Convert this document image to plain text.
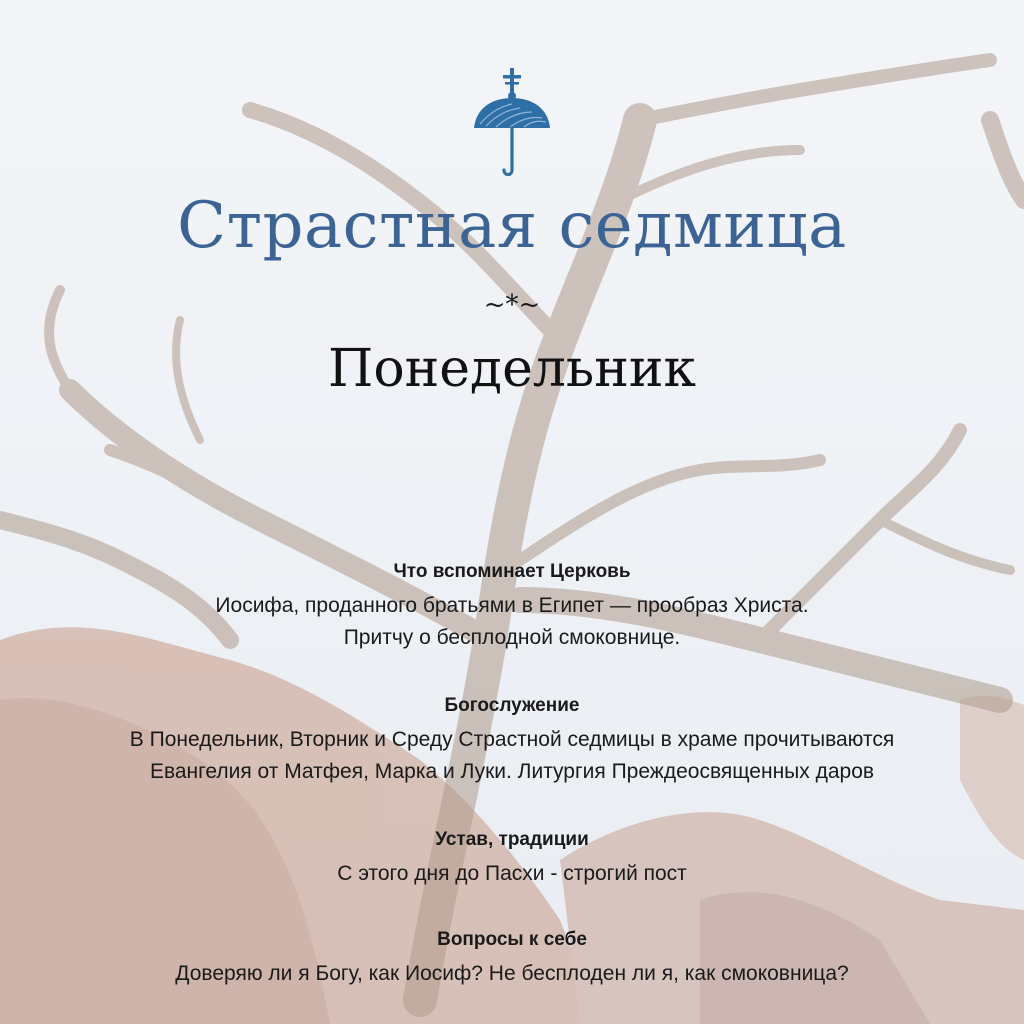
Страстная седмица
~*~
Понедельник
Что вспоминает Церковь
Иосифа, проданного братьями в Египет — прообраз Христа.
Притчу о бесплодной смоковнице.
Богослужение
В Понедельник, Вторник и Среду Страстной седмицы в храме прочитываются
Евангелия от Матфея, Марка и Луки. Литургия Преждеосвященных даров
Устав, традиции
С этого дня до Пасхи - строгий пост
Вопросы к себе
Доверяю ли я Богу, как Иосиф? Не бесплоден ли я, как смоковница?
